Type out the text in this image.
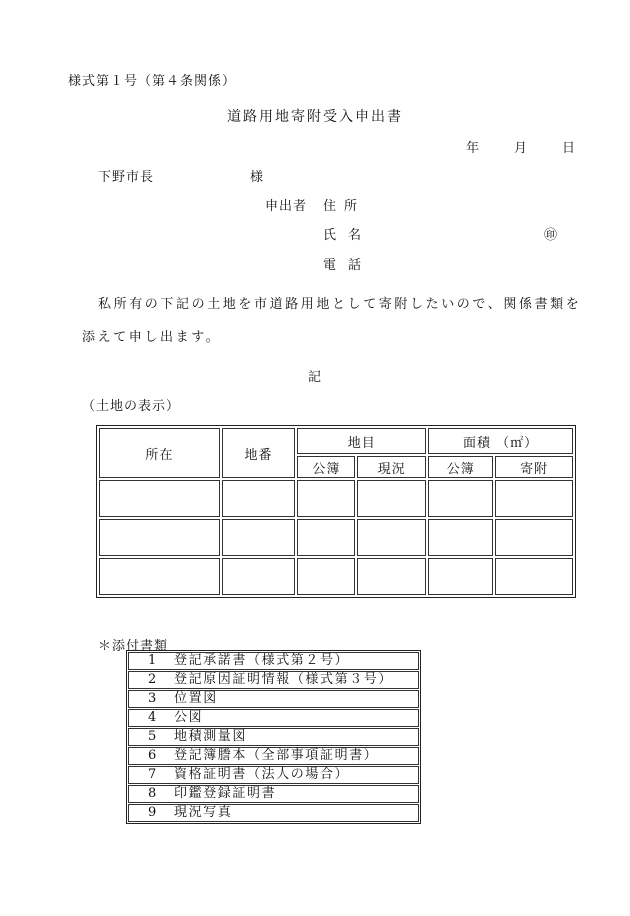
様式第１号（第４条関係）
道路用地寄附受入申出書
年	月	日
下野市長	様
申出者 住所
氏名	㊞
電話
私所有の下記の土地を市道路用地として寄附したいので、関係書類を
添えて申し出ます。
記
（土地の表示）
所在	地番	地目		面積 （㎡）	
		公簿	現況	公簿	寄附

＊添付書類
1 登記承諾書（様式第２号）
2 登記原因証明情報（様式第３号）
3 位置図
4 公図
5 地積測量図
6 登記簿謄本（全部事項証明書）
7 資格証明書（法人の場合）
8 印鑑登録証明書
9 現況写真
